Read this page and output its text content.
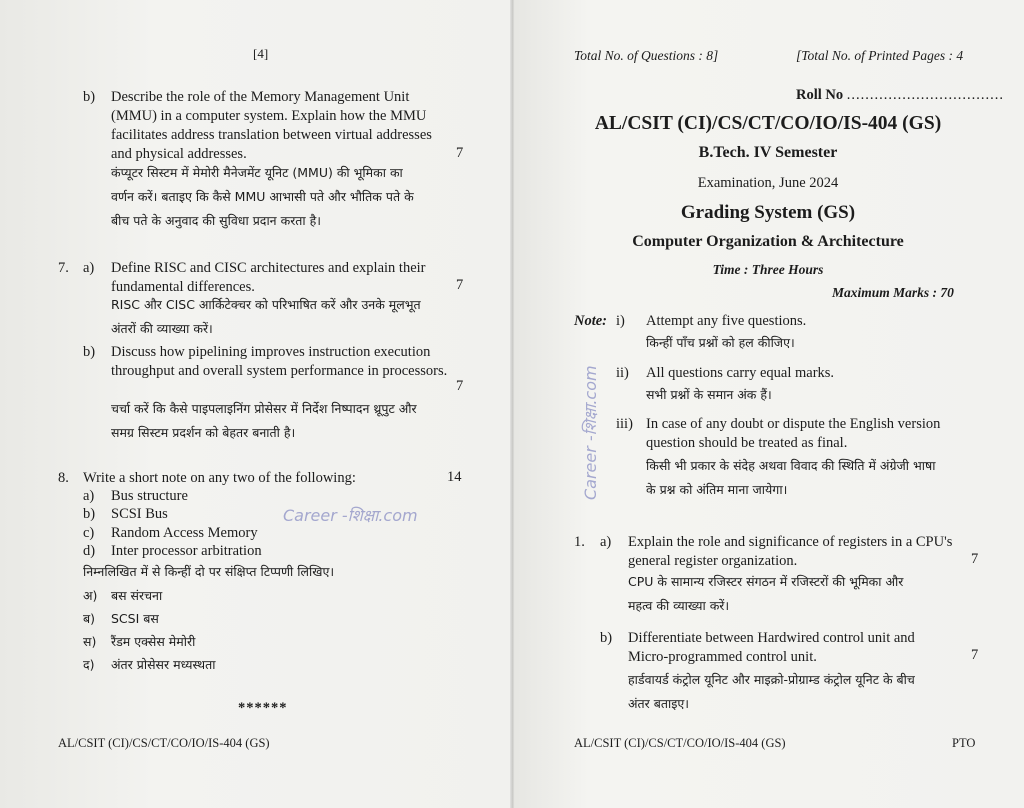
[4]
b) Describe the role of the Memory Management Unit
(MMU) in a computer system. Explain how the MMU
facilitates address translation between virtual addresses
and physical addresses.	7
कंप्यूटर सिस्टम में मेमोरी मैनेजमेंट यूनिट (MMU) की भूमिका का
वर्णन करें। बताइए कि कैसे MMU आभासी पते और भौतिक पते के
बीच पते के अनुवाद की सुविधा प्रदान करता है।
7. a) Define RISC and CISC architectures and explain their
fundamental differences.	7
RISC और CISC आर्किटेक्चर को परिभाषित करें और उनके मूलभूत
अंतरों की व्याख्या करें।
b) Discuss how pipelining improves instruction execution
throughput and overall system performance in processors.
7
चर्चा करें कि कैसे पाइपलाइनिंग प्रोसेसर में निर्देश निष्पादन थ्रूपुट और
समग्र सिस्टम प्रदर्शन को बेहतर बनाती है।
8. Write a short note on any two of the following:	14
a) Bus structure
b) SCSI Bus
c) Random Access Memory
d) Inter processor arbitration
Career -शिक्षा.com
निम्नलिखित में से किन्हीं दो पर संक्षिप्त टिप्पणी लिखिए।
अ) बस संरचना
ब) SCSI बस
स) रैंडम एक्सेस मेमोरी
द) अंतर प्रोसेसर मध्यस्थता
******
AL/CSIT (CI)/CS/CT/CO/IO/IS-404 (GS)
Total No. of Questions : 8]	[Total No. of Printed Pages : 4
Roll No ..................................
AL/CSIT (CI)/CS/CT/CO/IO/IS-404 (GS)
B.Tech. IV Semester
Examination, June 2024
Grading System (GS)
Computer Organization & Architecture
Time : Three Hours
Maximum Marks : 70
Note: i) Attempt any five questions.
किन्हीं पाँच प्रश्नों को हल कीजिए।
ii) All questions carry equal marks.
सभी प्रश्नों के समान अंक हैं।
iii) In case of any doubt or dispute the English version
question should be treated as final.
किसी भी प्रकार के संदेह अथवा विवाद की स्थिति में अंग्रेजी भाषा
के प्रश्न को अंतिम माना जायेगा।
Career -शिक्षा.com
1. a) Explain the role and significance of registers in a CPU's
general register organization.	7
CPU के सामान्य रजिस्टर संगठन में रजिस्टरों की भूमिका और
महत्व की व्याख्या करें।
b) Differentiate between Hardwired control unit and
Micro-programmed control unit.	7
हार्डवायर्ड कंट्रोल यूनिट और माइक्रो-प्रोग्राम्ड कंट्रोल यूनिट के बीच
अंतर बताइए।
AL/CSIT (CI)/CS/CT/CO/IO/IS-404 (GS)	PTO
